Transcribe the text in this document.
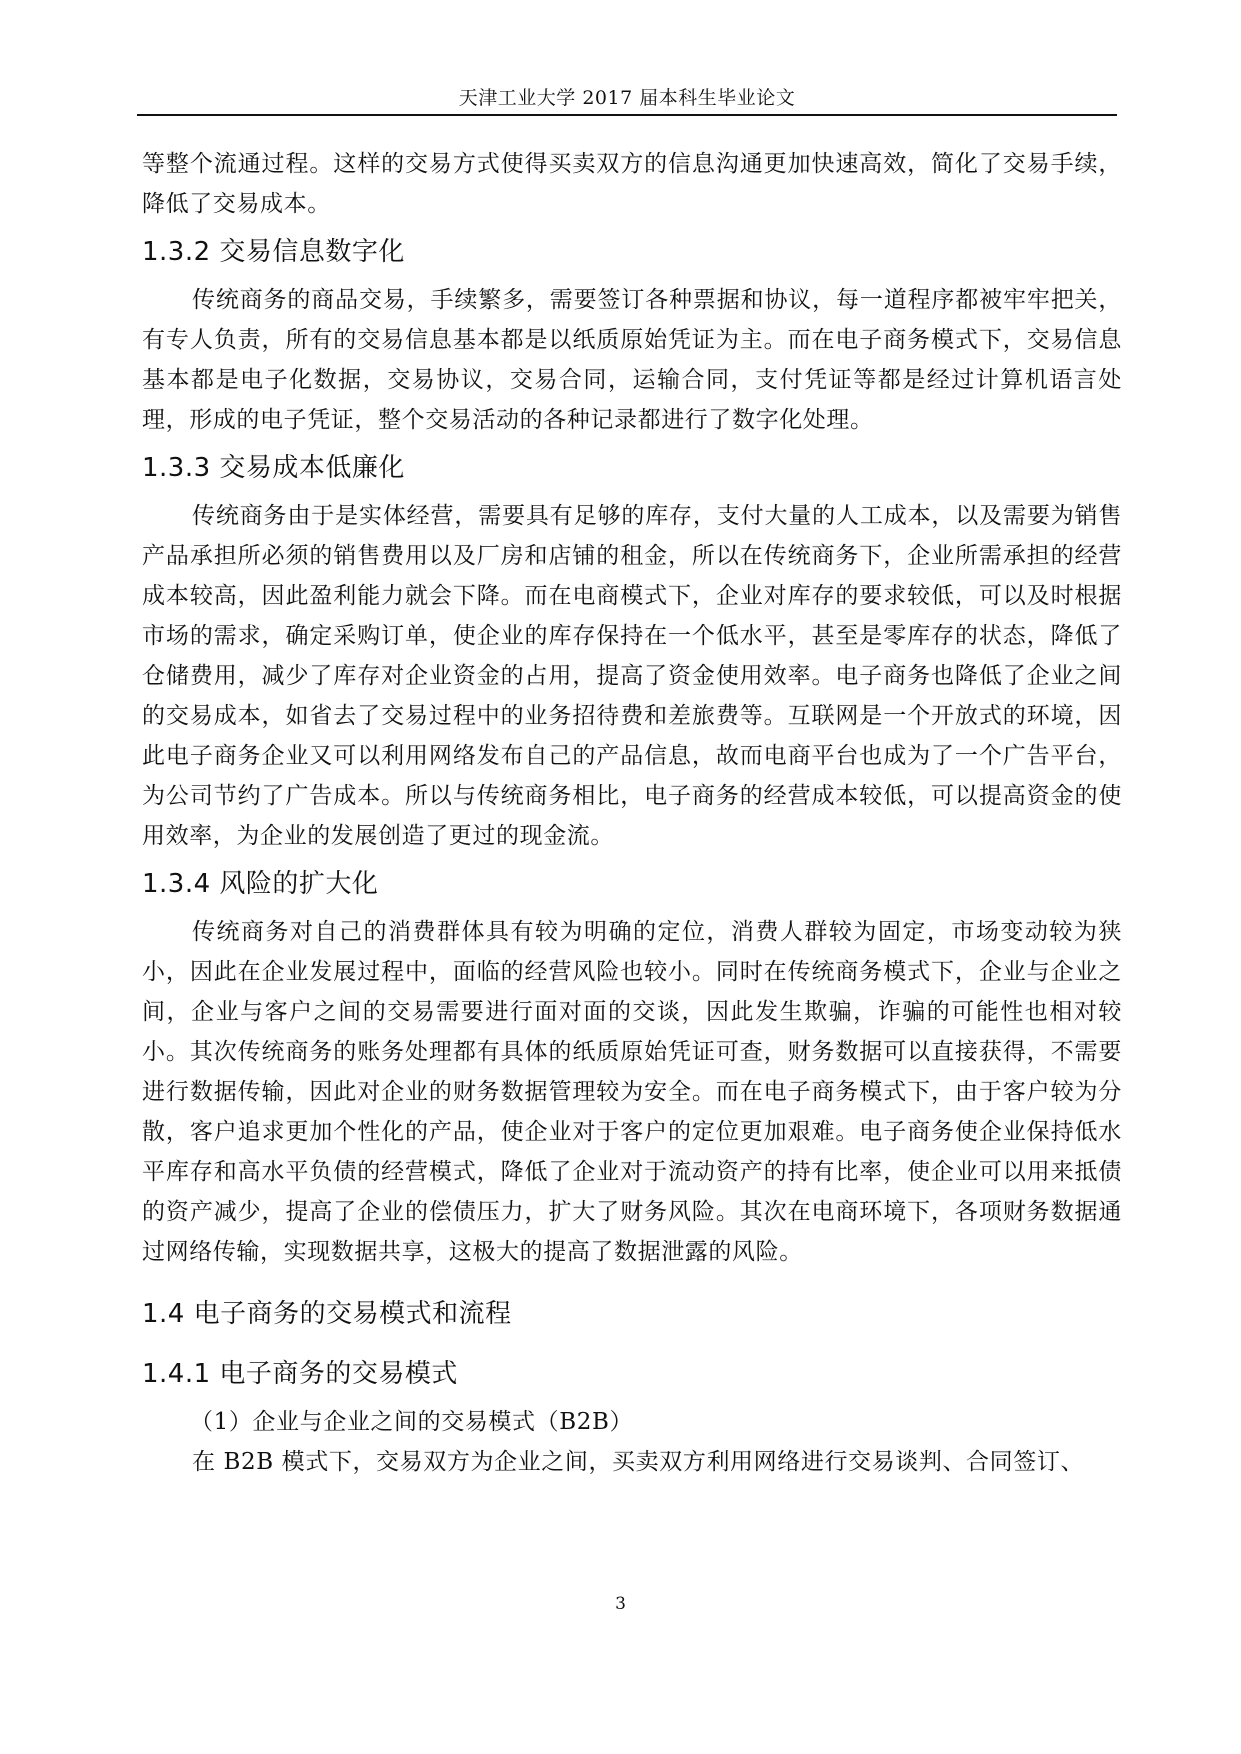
天津工业大学 2017 届本科生毕业论文

等整个流通过程。这样的交易方式使得买卖双方的信息沟通更加快速高效，简化了交易手续，降低了交易成本。

1.3.2 交易信息数字化

传统商务的商品交易，手续繁多，需要签订各种票据和协议，每一道程序都被牢牢把关，有专人负责，所有的交易信息基本都是以纸质原始凭证为主。而在电子商务模式下，交易信息基本都是电子化数据，交易协议，交易合同，运输合同，支付凭证等都是经过计算机语言处理，形成的电子凭证，整个交易活动的各种记录都进行了数字化处理。

1.3.3 交易成本低廉化

传统商务由于是实体经营，需要具有足够的库存，支付大量的人工成本，以及需要为销售产品承担所必须的销售费用以及厂房和店铺的租金，所以在传统商务下，企业所需承担的经营成本较高，因此盈利能力就会下降。而在电商模式下，企业对库存的要求较低，可以及时根据市场的需求，确定采购订单，使企业的库存保持在一个低水平，甚至是零库存的状态，降低了仓储费用，减少了库存对企业资金的占用，提高了资金使用效率。电子商务也降低了企业之间的交易成本，如省去了交易过程中的业务招待费和差旅费等。互联网是一个开放式的环境，因此电子商务企业又可以利用网络发布自己的产品信息，故而电商平台也成为了一个广告平台，为公司节约了广告成本。所以与传统商务相比，电子商务的经营成本较低，可以提高资金的使用效率，为企业的发展创造了更过的现金流。

1.3.4 风险的扩大化

传统商务对自己的消费群体具有较为明确的定位，消费人群较为固定，市场变动较为狭小，因此在企业发展过程中，面临的经营风险也较小。同时在传统商务模式下，企业与企业之间，企业与客户之间的交易需要进行面对面的交谈，因此发生欺骗，诈骗的可能性也相对较小。其次传统商务的账务处理都有具体的纸质原始凭证可查，财务数据可以直接获得，不需要进行数据传输，因此对企业的财务数据管理较为安全。而在电子商务模式下，由于客户较为分散，客户追求更加个性化的产品，使企业对于客户的定位更加艰难。电子商务使企业保持低水平库存和高水平负债的经营模式，降低了企业对于流动资产的持有比率，使企业可以用来抵债的资产减少，提高了企业的偿债压力，扩大了财务风险。其次在电商环境下，各项财务数据通过网络传输，实现数据共享，这极大的提高了数据泄露的风险。

1.4 电子商务的交易模式和流程
1.4.1 电子商务的交易模式

（1）企业与企业之间的交易模式（B2B）

在 B2B 模式下，交易双方为企业之间，买卖双方利用网络进行交易谈判、合同签订、

3
